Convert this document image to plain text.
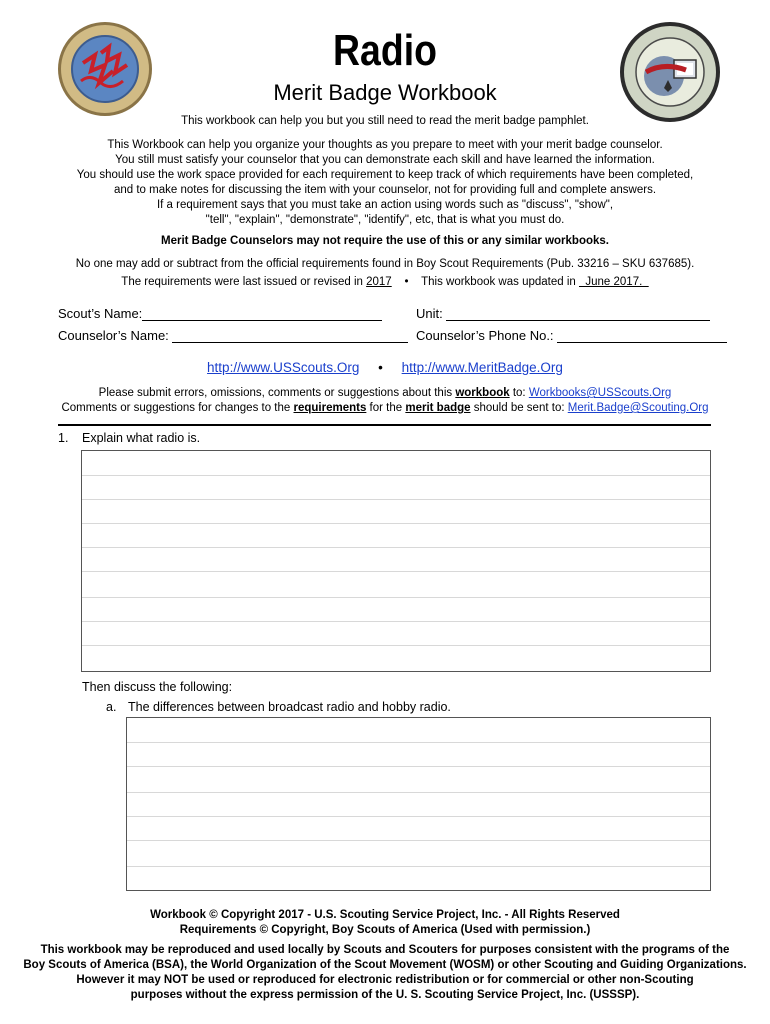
Radio
Merit Badge Workbook
This workbook can help you but you still need to read the merit badge pamphlet.
This Workbook can help you organize your thoughts as you prepare to meet with your merit badge counselor.
You still must satisfy your counselor that you can demonstrate each skill and have learned the information.
You should use the work space provided for each requirement to keep track of which requirements have been completed,
and to make notes for discussing the item with your counselor, not for providing full and complete answers.
If a requirement says that you must take an action using words such as "discuss", "show",
"tell", "explain", "demonstrate", "identify", etc, that is what you must do.
Merit Badge Counselors may not require the use of this or any similar workbooks.
No one may add or subtract from the official requirements found in Boy Scout Requirements (Pub. 33216 – SKU 637685).
The requirements were last issued or revised in 2017 • This workbook was updated in   June 2017.
Scout’s Name:	Unit:
Counselor’s Name:	Counselor’s Phone No.:
http://www.USScouts.Org • http://www.MeritBadge.Org
Please submit errors, omissions, comments or suggestions about this workbook to: Workbooks@USScouts.Org
Comments or suggestions for changes to the requirements for the merit badge should be sent to: Merit.Badge@Scouting.Org
1. Explain what radio is.
Then discuss the following:
a. The differences between broadcast radio and hobby radio.
Workbook © Copyright 2017 - U.S. Scouting Service Project, Inc. - All Rights Reserved
Requirements © Copyright, Boy Scouts of America (Used with permission.)
This workbook may be reproduced and used locally by Scouts and Scouters for purposes consistent with the programs of the
Boy Scouts of America (BSA), the World Organization of the Scout Movement (WOSM) or other Scouting and Guiding Organizations.
However it may NOT be used or reproduced for electronic redistribution or for commercial or other non-Scouting
purposes without the express permission of the U. S. Scouting Service Project, Inc. (USSSP).
